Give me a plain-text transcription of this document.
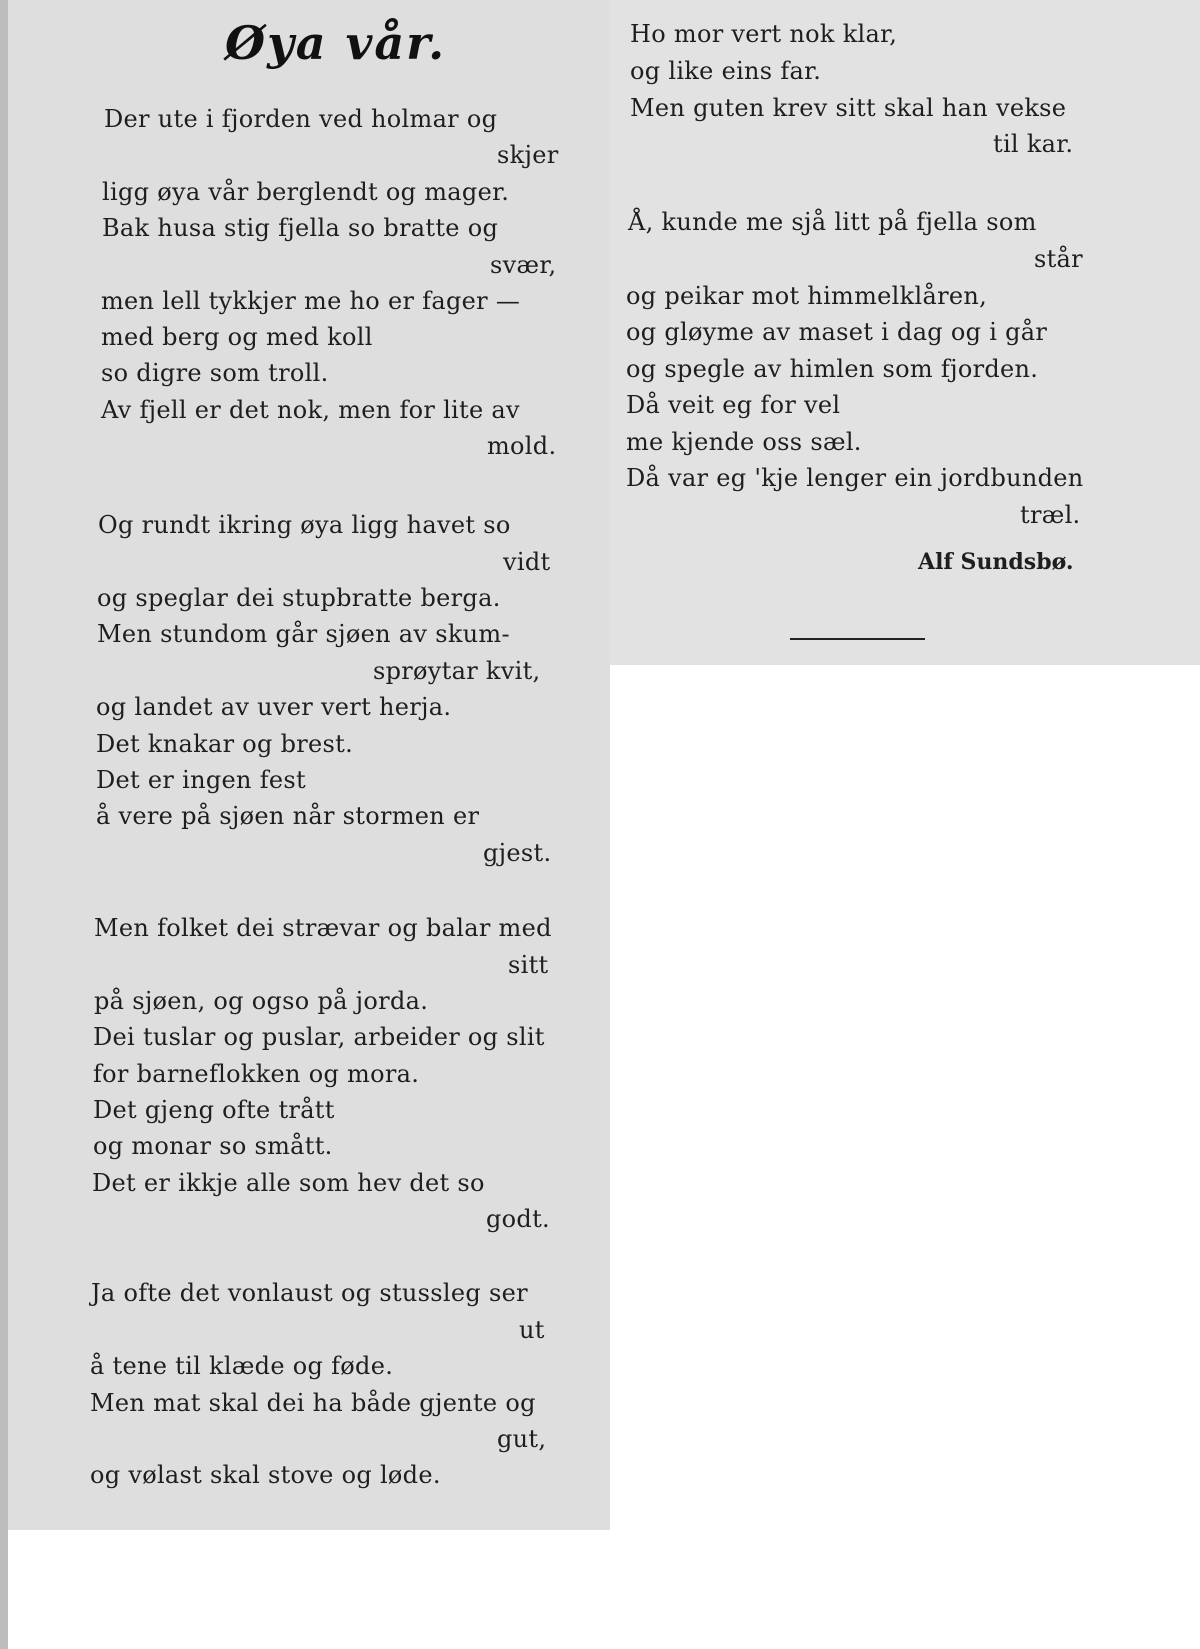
Øya vår.
Der ute i fjorden ved holmar og
skjer
ligg øya vår berglendt og mager.
Bak husa stig fjella so bratte og
svær,
men lell tykkjer me ho er fager —
med berg og med koll
so digre som troll.
Av fjell er det nok, men for lite av
mold.
Og rundt ikring øya ligg havet so
vidt
og speglar dei stupbratte berga.
Men stundom går sjøen av skum-
sprøytar kvit,
og landet av uver vert herja.
Det knakar og brest.
Det er ingen fest
å vere på sjøen når stormen er
gjest.
Men folket dei strævar og balar med
sitt
på sjøen, og ogso på jorda.
Dei tuslar og puslar, arbeider og slit
for barneflokken og mora.
Det gjeng ofte trått
og monar so smått.
Det er ikkje alle som hev det so
godt.
Ja ofte det vonlaust og stussleg ser
ut
å tene til klæde og føde.
Men mat skal dei ha både gjente og
gut,
og vølast skal stove og løde.
Ho mor vert nok klar,
og like eins far.
Men guten krev sitt skal han vekse
til kar.
Å, kunde me sjå litt på fjella som
står
og peikar mot himmelklåren,
og gløyme av maset i dag og i går
og spegle av himlen som fjorden.
Då veit eg for vel
me kjende oss sæl.
Då var eg 'kje lenger ein jordbunden
træl.
Alf Sundsbø.
